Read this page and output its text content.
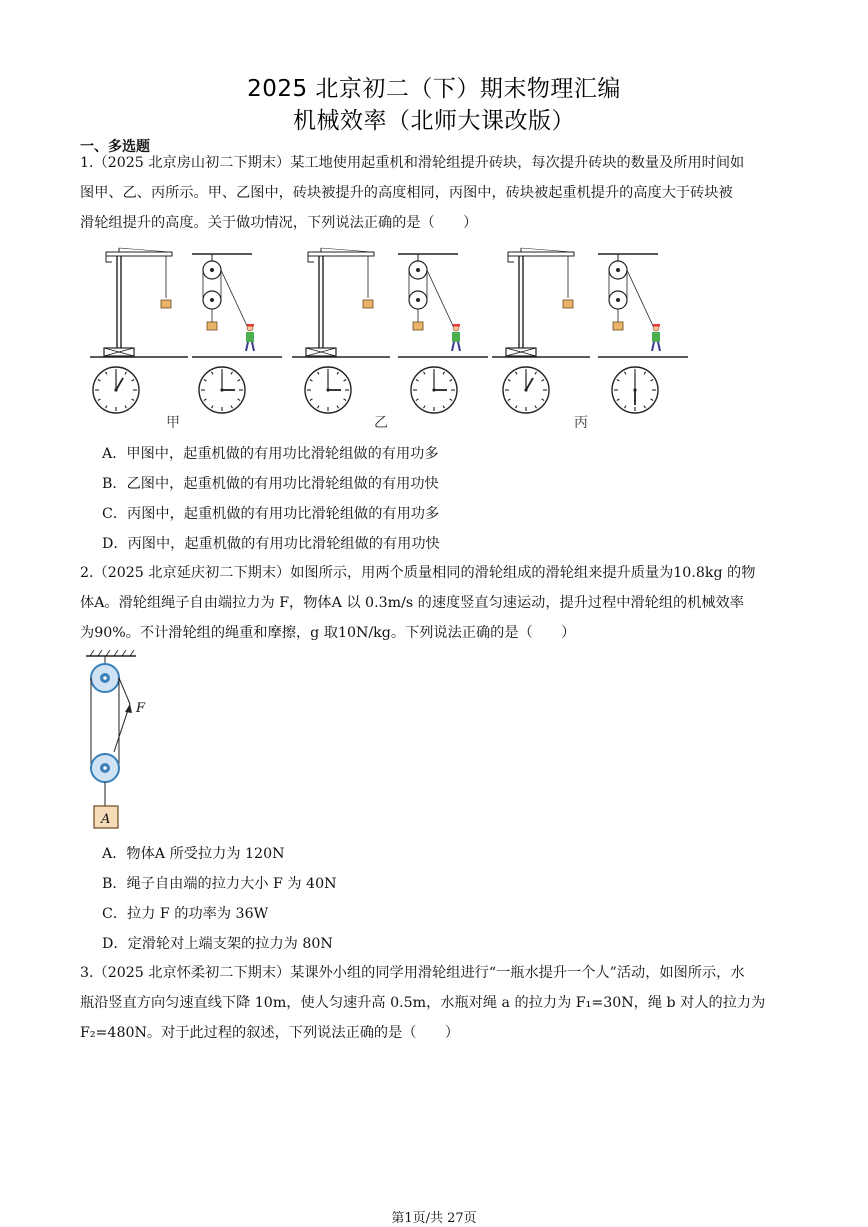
2025 北京初二（下）期末物理汇编
机械效率（北师大课改版）
一、多选题
1.（2025 北京房山初二下期末）某工地使用起重机和滑轮组提升砖块，每次提升砖块的数量及所用时间如
图甲、乙、丙所示。甲、乙图中，砖块被提升的高度相同，丙图中，砖块被起重机提升的高度大于砖块被
滑轮组提升的高度。关于做功情况，下列说法正确的是（　　）
甲	乙	丙
A．甲图中，起重机做的有用功比滑轮组做的有用功多
B．乙图中，起重机做的有用功比滑轮组做的有用功快
C．丙图中，起重机做的有用功比滑轮组做的有用功多
D．丙图中，起重机做的有用功比滑轮组做的有用功快
2.（2025 北京延庆初二下期末）如图所示，用两个质量相同的滑轮组成的滑轮组来提升质量为10.8kg 的物
体A。滑轮组绳子自由端拉力为 F，物体A 以 0.3m/s 的速度竖直匀速运动，提升过程中滑轮组的机械效率
为90%。不计滑轮组的绳重和摩擦，g 取10N/kg。下列说法正确的是（　　）
F
A
A．物体A 所受拉力为 120N
B．绳子自由端的拉力大小 F 为 40N
C．拉力 F 的功率为 36W
D．定滑轮对上端支架的拉力为 80N
3.（2025 北京怀柔初二下期末）某课外小组的同学用滑轮组进行“一瓶水提升一个人”活动，如图所示，水
瓶沿竖直方向匀速直线下降 10m，使人匀速升高 0.5m，水瓶对绳 a 的拉力为 F₁=30N，绳 b 对人的拉力为
F₂=480N。对于此过程的叙述，下列说法正确的是（　　）
第1页/共 27页
